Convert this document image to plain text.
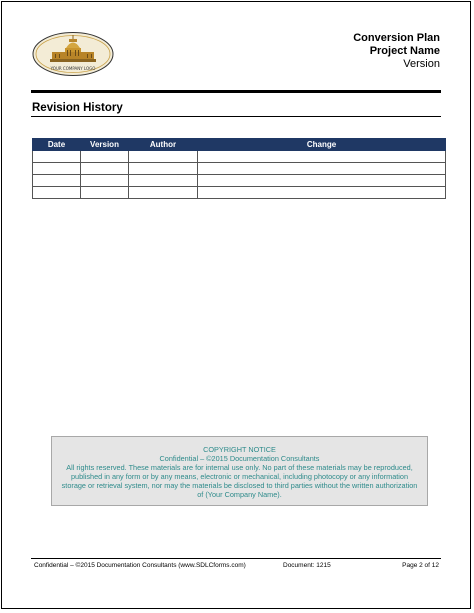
YOUR COMPANY LOGO
Conversion Plan
Project Name
Version
Revision History
Date	Version	Author	Change

COPYRIGHT NOTICE
Confidential – ©2015 Documentation Consultants
All rights reserved. These materials are for internal use only. No part of these materials may be reproduced, published in any form or by any means, electronic or mechanical, including photocopy or any information storage or retrieval system, nor may the materials be disclosed to third parties without the written authorization of (Your Company Name).
Confidential – ©2015 Documentation Consultants (www.SDLCforms.com)	Document: 1215	Page 2 of 12
